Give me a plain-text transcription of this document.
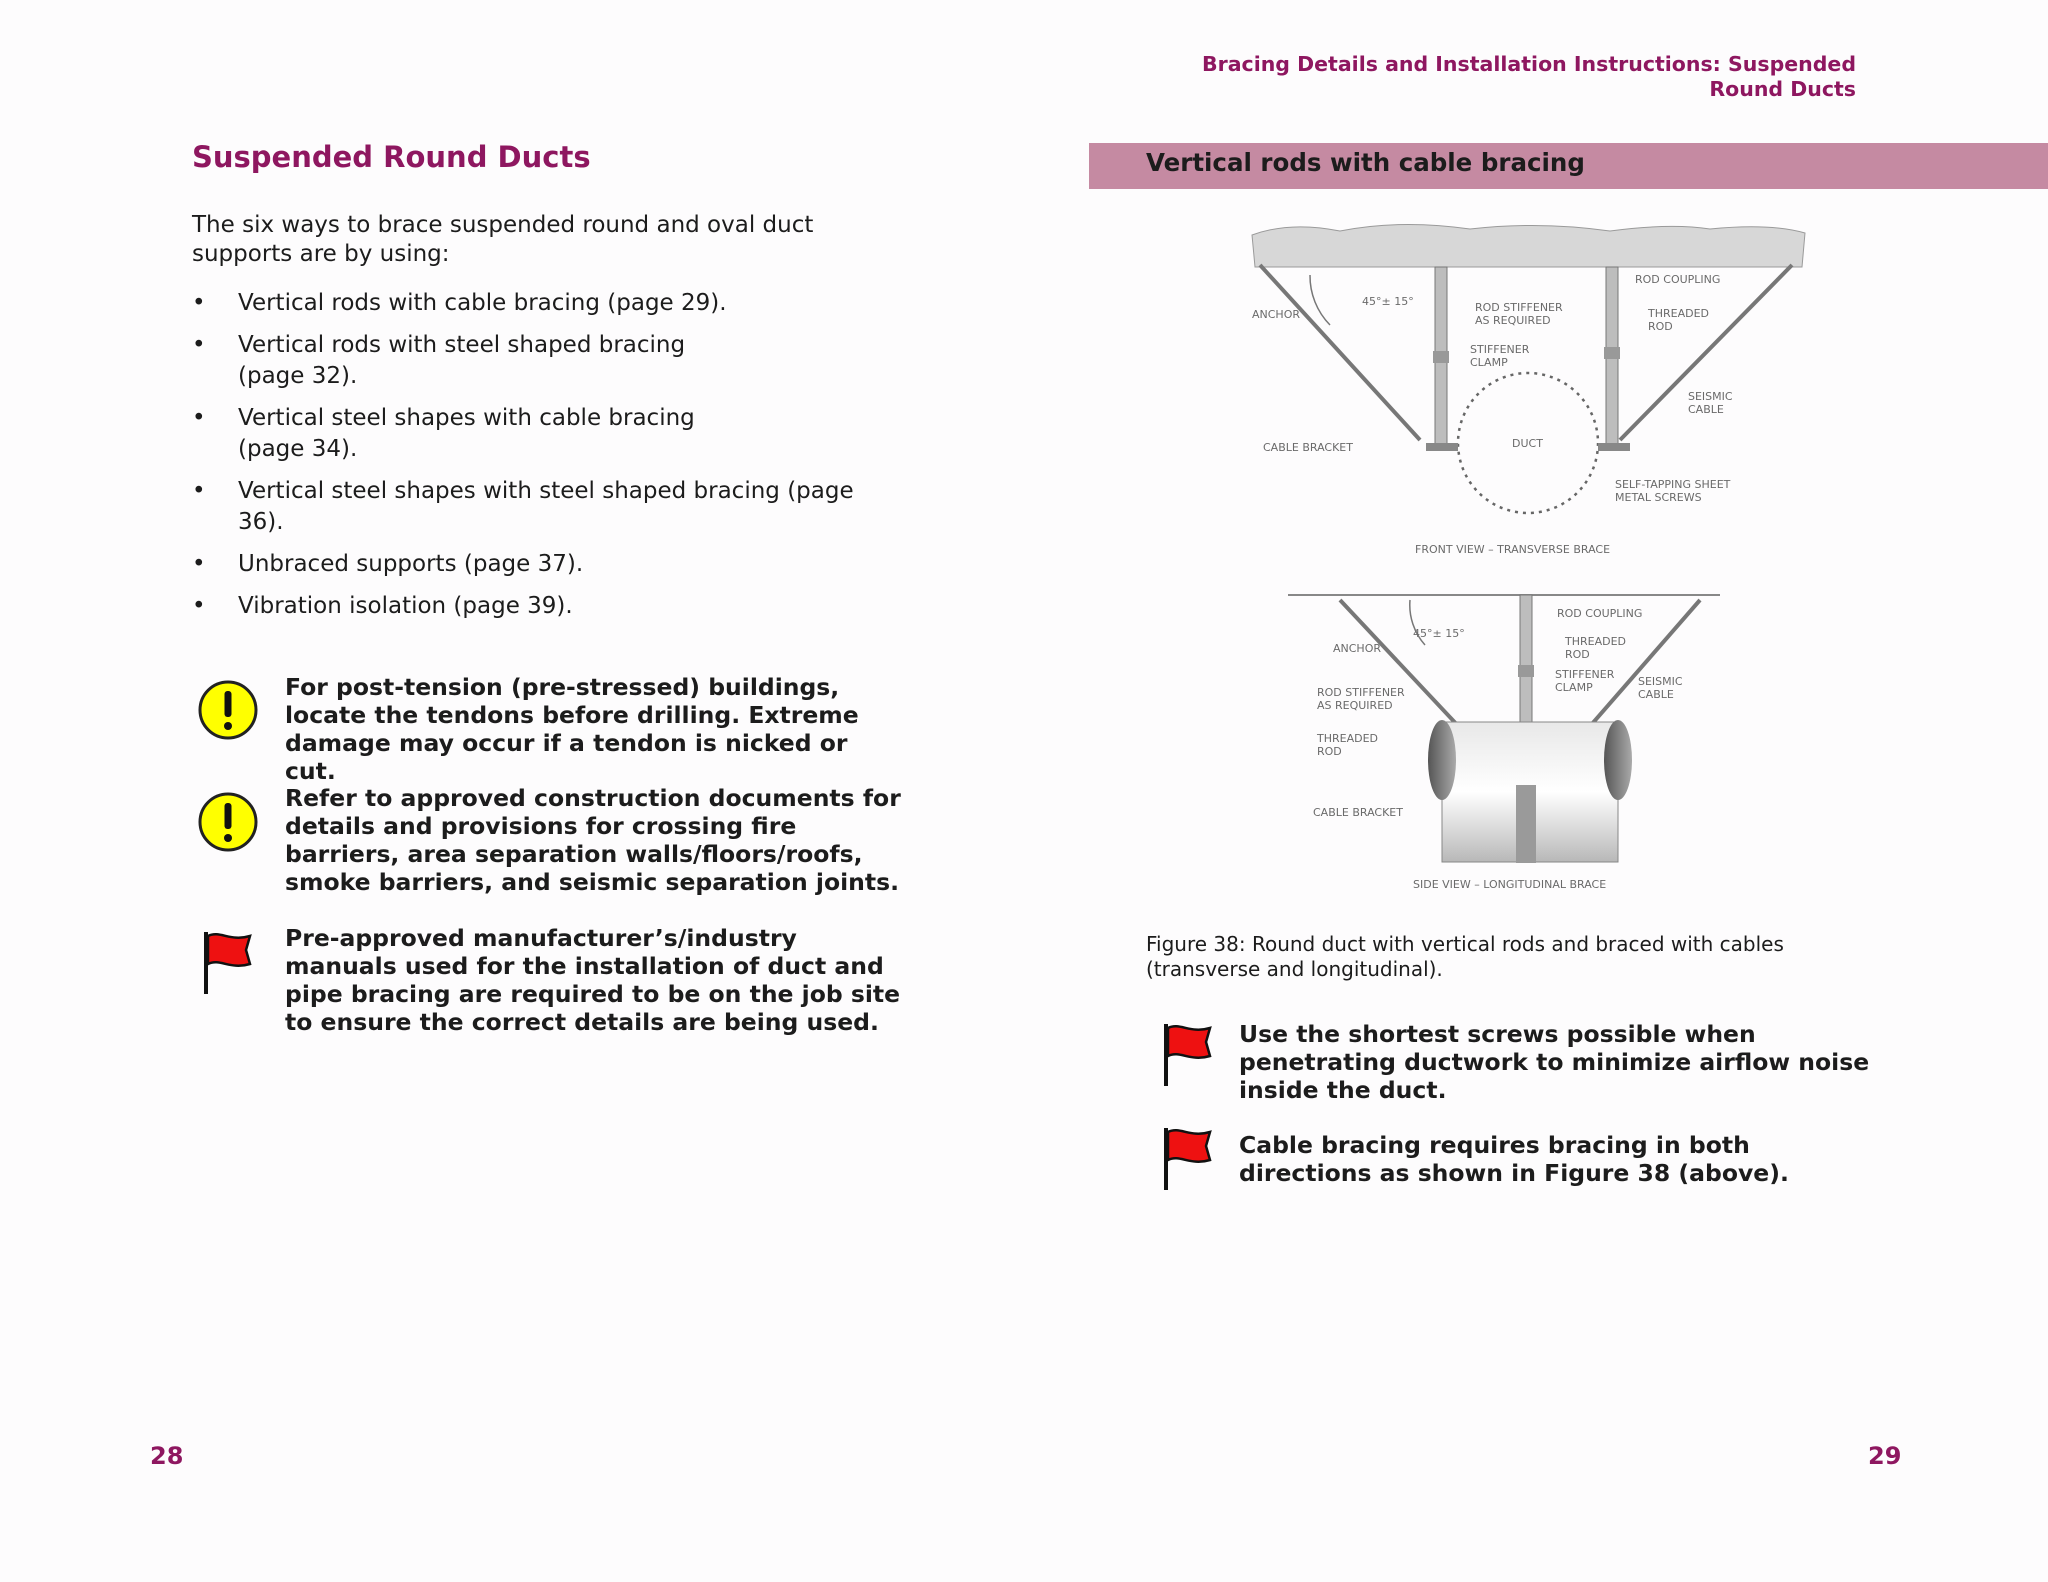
Bracing Details and Installation Instructions: Suspended
Round Ducts
Suspended Round Ducts
The six ways to brace suspended round and oval duct supports are by using:
• Vertical rods with cable bracing (page 29).
• Vertical rods with steel shaped bracing
(page 32).
• Vertical steel shapes with cable bracing
(page 34).
• Vertical steel shapes with steel shaped bracing (page
36).
• Unbraced supports (page 37).
• Vibration isolation (page 39).
For post-tension (pre-stressed) buildings,
locate the tendons before drilling. Extreme
damage may occur if a tendon is nicked or cut.
Refer to approved construction documents for
details and provisions for crossing fire
barriers, area separation walls/floors/roofs,
smoke barriers, and seismic separation joints.
Pre-approved manufacturer’s/industry
manuals used for the installation of duct and
pipe bracing are required to be on the job site
to ensure the correct details are being used.
28
Vertical rods with cable bracing
ANCHOR
45°± 15°	ROD STIFFENER
AS REQUIRED
STIFFENER
CLAMP
ROD COUPLING
THREADED
ROD
SEISMIC
CABLE
CABLE BRACKET	DUCT
SELF-TAPPING SHEET
METAL SCREWS
FRONT VIEW – TRANSVERSE BRACE
45°± 15°
ROD COUPLING
ANCHOR
THREADED
ROD
STIFFENER
CLAMP	SEISMIC
CABLE
ROD STIFFENER
AS REQUIRED
THREADED
ROD
CABLE BRACKET
SIDE VIEW – LONGITUDINAL BRACE
Figure 38: Round duct with vertical rods and braced with cables
(transverse and longitudinal).
Use the shortest screws possible when
penetrating ductwork to minimize airflow noise
inside the duct.
Cable bracing requires bracing in both
directions as shown in Figure 38 (above).
29
